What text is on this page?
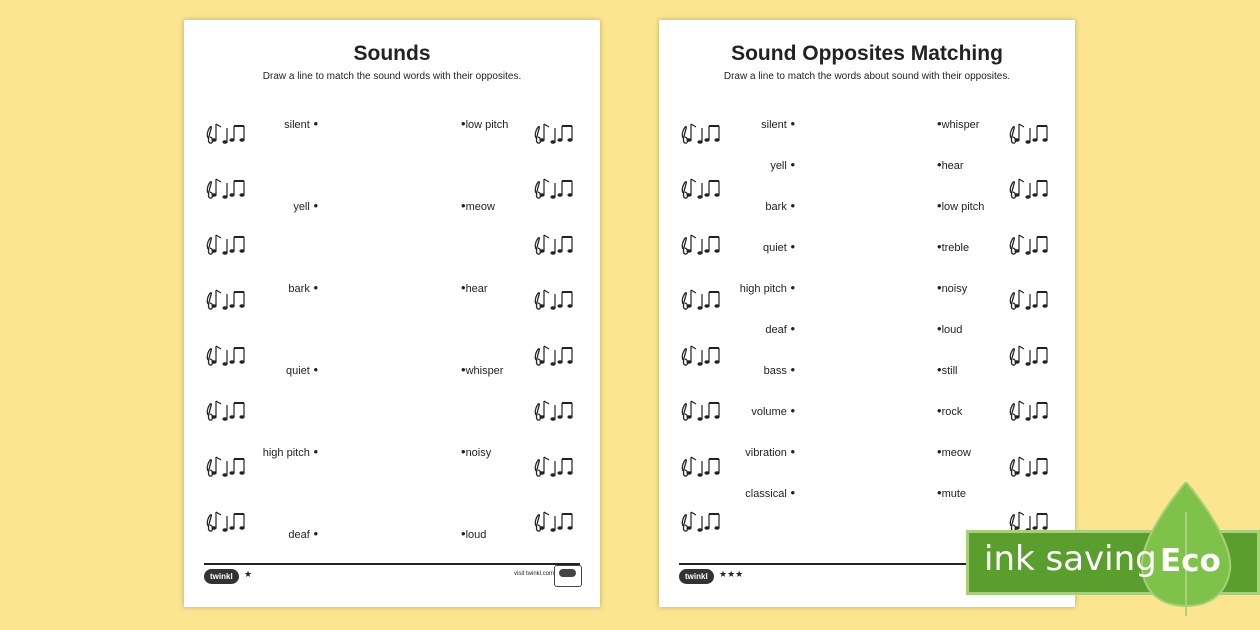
Sounds
Draw a line to match the sound words with their opposites.
silent •
yell •
bark •
quiet •
high pitch •
deaf •
• low pitch
• meow
• hear
• whisper
• noisy
• loud
twinkl	★	visit twinkl.com
Sound Opposites Matching
Draw a line to match the words about sound with their opposites.
silent •
yell •
bark •
quiet •
high pitch •
deaf •
bass •
volume •
vibration •
classical •
• whisper
• hear
• low pitch
• treble
• noisy
• loud
• still
• rock
• meow
• mute
twinkl	★★★	ink saving Eco
